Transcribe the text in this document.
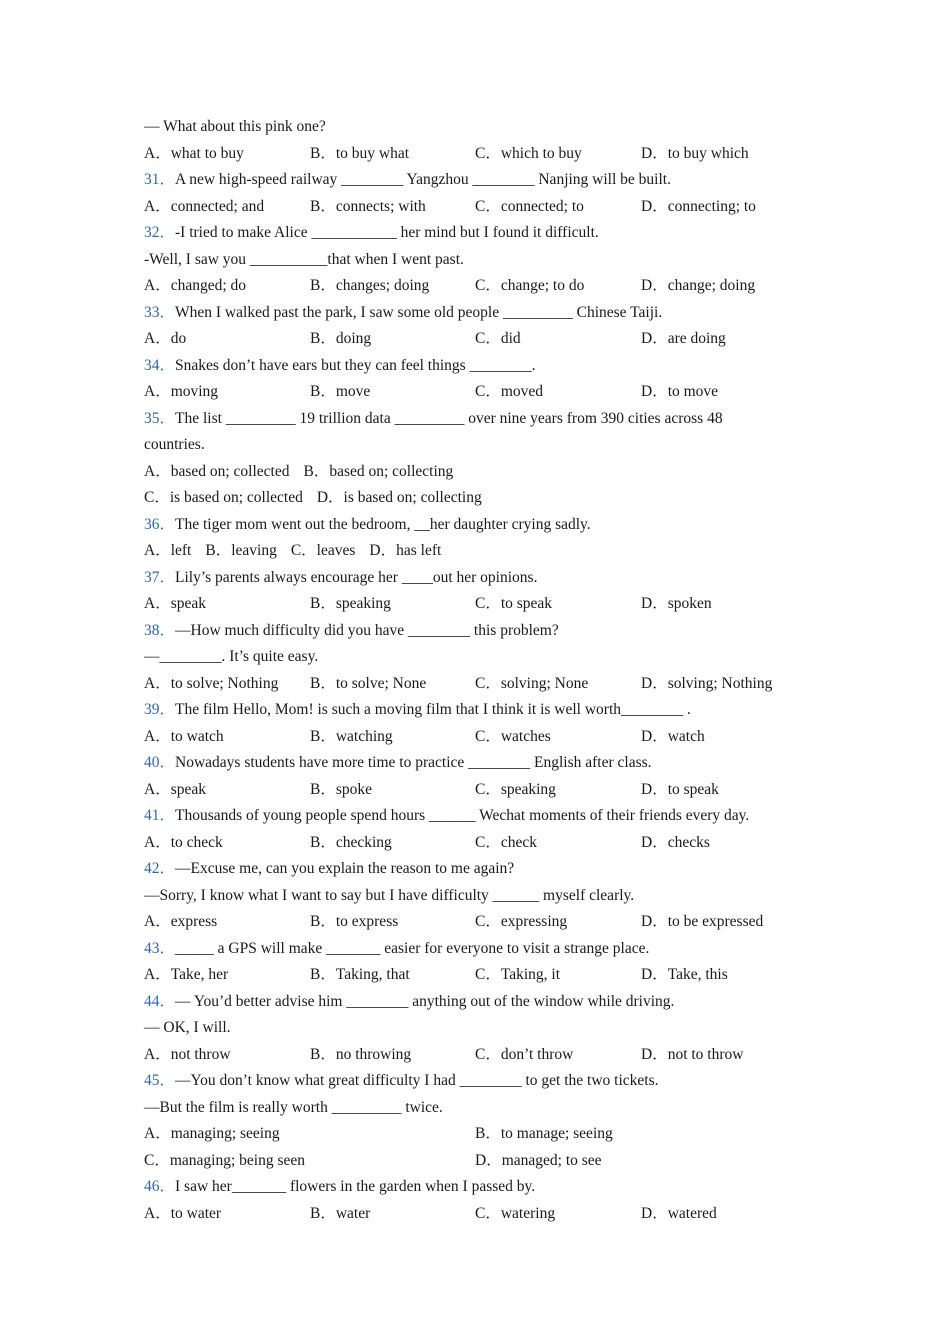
— What about this pink one?
A．what to buy	B．to buy what	C．which to buy	D．to buy which
31．A new high-speed railway ________ Yangzhou ________ Nanjing will be built.
A．connected; and	B．connects; with	C．connected; to	D．connecting; to
32．-I tried to make Alice ___________ her mind but I found it difficult.
-Well, I saw you __________that when I went past.
A．changed; do	B．changes; doing	C．change; to do	D．change; doing
33．When I walked past the park, I saw some old people _________ Chinese Taiji.
A．do	B．doing	C．did	D．are doing
34．Snakes don’t have ears but they can feel things ________.
A．moving	B．move	C．moved	D．to move
35．The list _________ 19 trillion data _________ over nine years from 390 cities across 48
countries.
A．based on; collected B．based on; collecting
C．is based on; collected D．is based on; collecting
36．The tiger mom went out the bedroom, __her daughter crying sadly.
A．left B．leaving C．leaves D．has left
37．Lily’s parents always encourage her ____out her opinions.
A．speak	B．speaking	C．to speak	D．spoken
38．—How much difficulty did you have ________ this problem?
—________. It’s quite easy.
A．to solve; Nothing B．to solve; None	C．solving; None	D．solving; Nothing
39．The film Hello, Mom! is such a moving film that I think it is well worth________ .
A．to watch	B．watching	C．watches	D．watch
40．Nowadays students have more time to practice ________ English after class.
A．speak	B．spoke	C．speaking	D．to speak
41．Thousands of young people spend hours ______ Wechat moments of their friends every day.
A．to check	B．checking	C．check	D．checks
42．—Excuse me, can you explain the reason to me again?
—Sorry, I know what I want to say but I have difficulty ______ myself clearly.
A．express	B．to express	C．expressing	D．to be expressed
43．_____ a GPS will make _______ easier for everyone to visit a strange place.
A．Take, her	B．Taking, that	C．Taking, it	D．Take, this
44．— You’d better advise him ________ anything out of the window while driving.
— OK, I will.
A．not throw	B．no throwing	C．don’t throw	D．not to throw
45．—You don’t know what great difficulty I had ________ to get the two tickets.
—But the film is really worth _________ twice.
A．managing; seeing	B．to manage; seeing
C．managing; being seen	D．managed; to see
46．I saw her_______ flowers in the garden when I passed by.
A．to water	B．water	C．watering	D．watered
